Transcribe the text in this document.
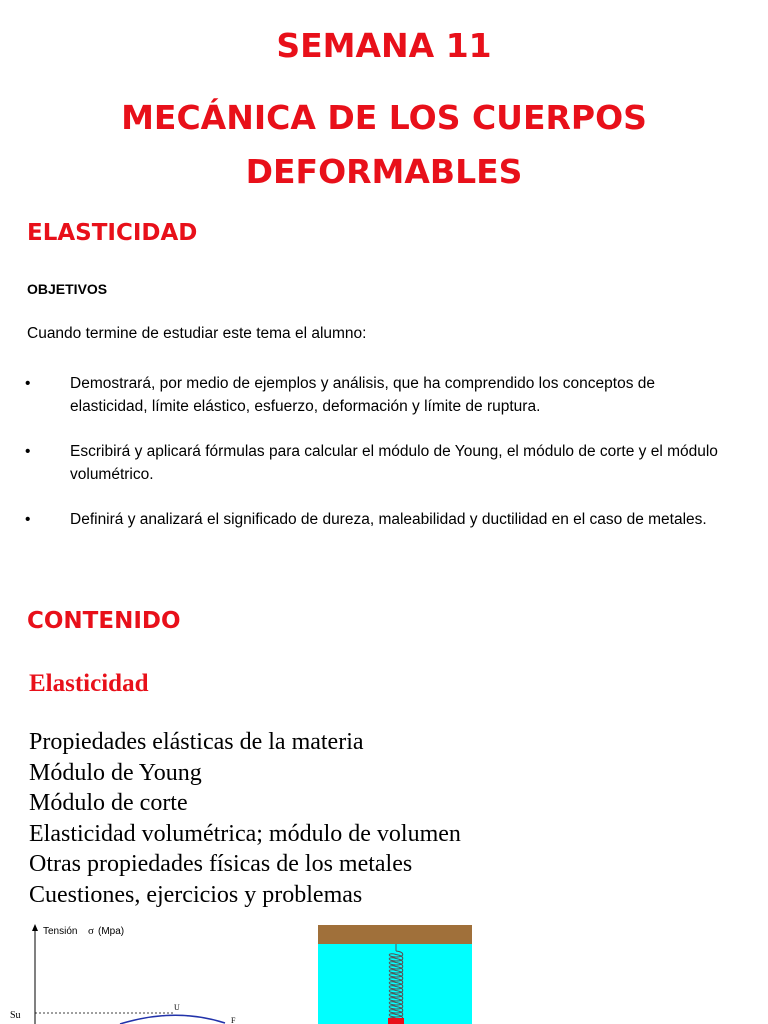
SEMANA 11
MECÁNICA DE LOS CUERPOS
DEFORMABLES
ELASTICIDAD

OBJETIVOS

Cuando termine de estudiar este tema el alumno:

•	Demostrará, por medio de ejemplos y análisis, que ha comprendido los conceptos de elasticidad, límite elástico, esfuerzo, deformación y límite de ruptura.
•	Escribirá y aplicará fórmulas para calcular el módulo de Young, el módulo de corte y el módulo volumétrico.
•	Definirá y analizará el significado de dureza, maleabilidad y ductilidad en el caso de metales.
CONTENIDO
Elasticidad
Propiedades elásticas de la materia
Módulo de Young
Módulo de corte
Elasticidad volumétrica; módulo de volumen
Otras propiedades físicas de los metales
Cuestiones, ejercicios y problemas
Tensión σ (Mpa)
Su
U
F
